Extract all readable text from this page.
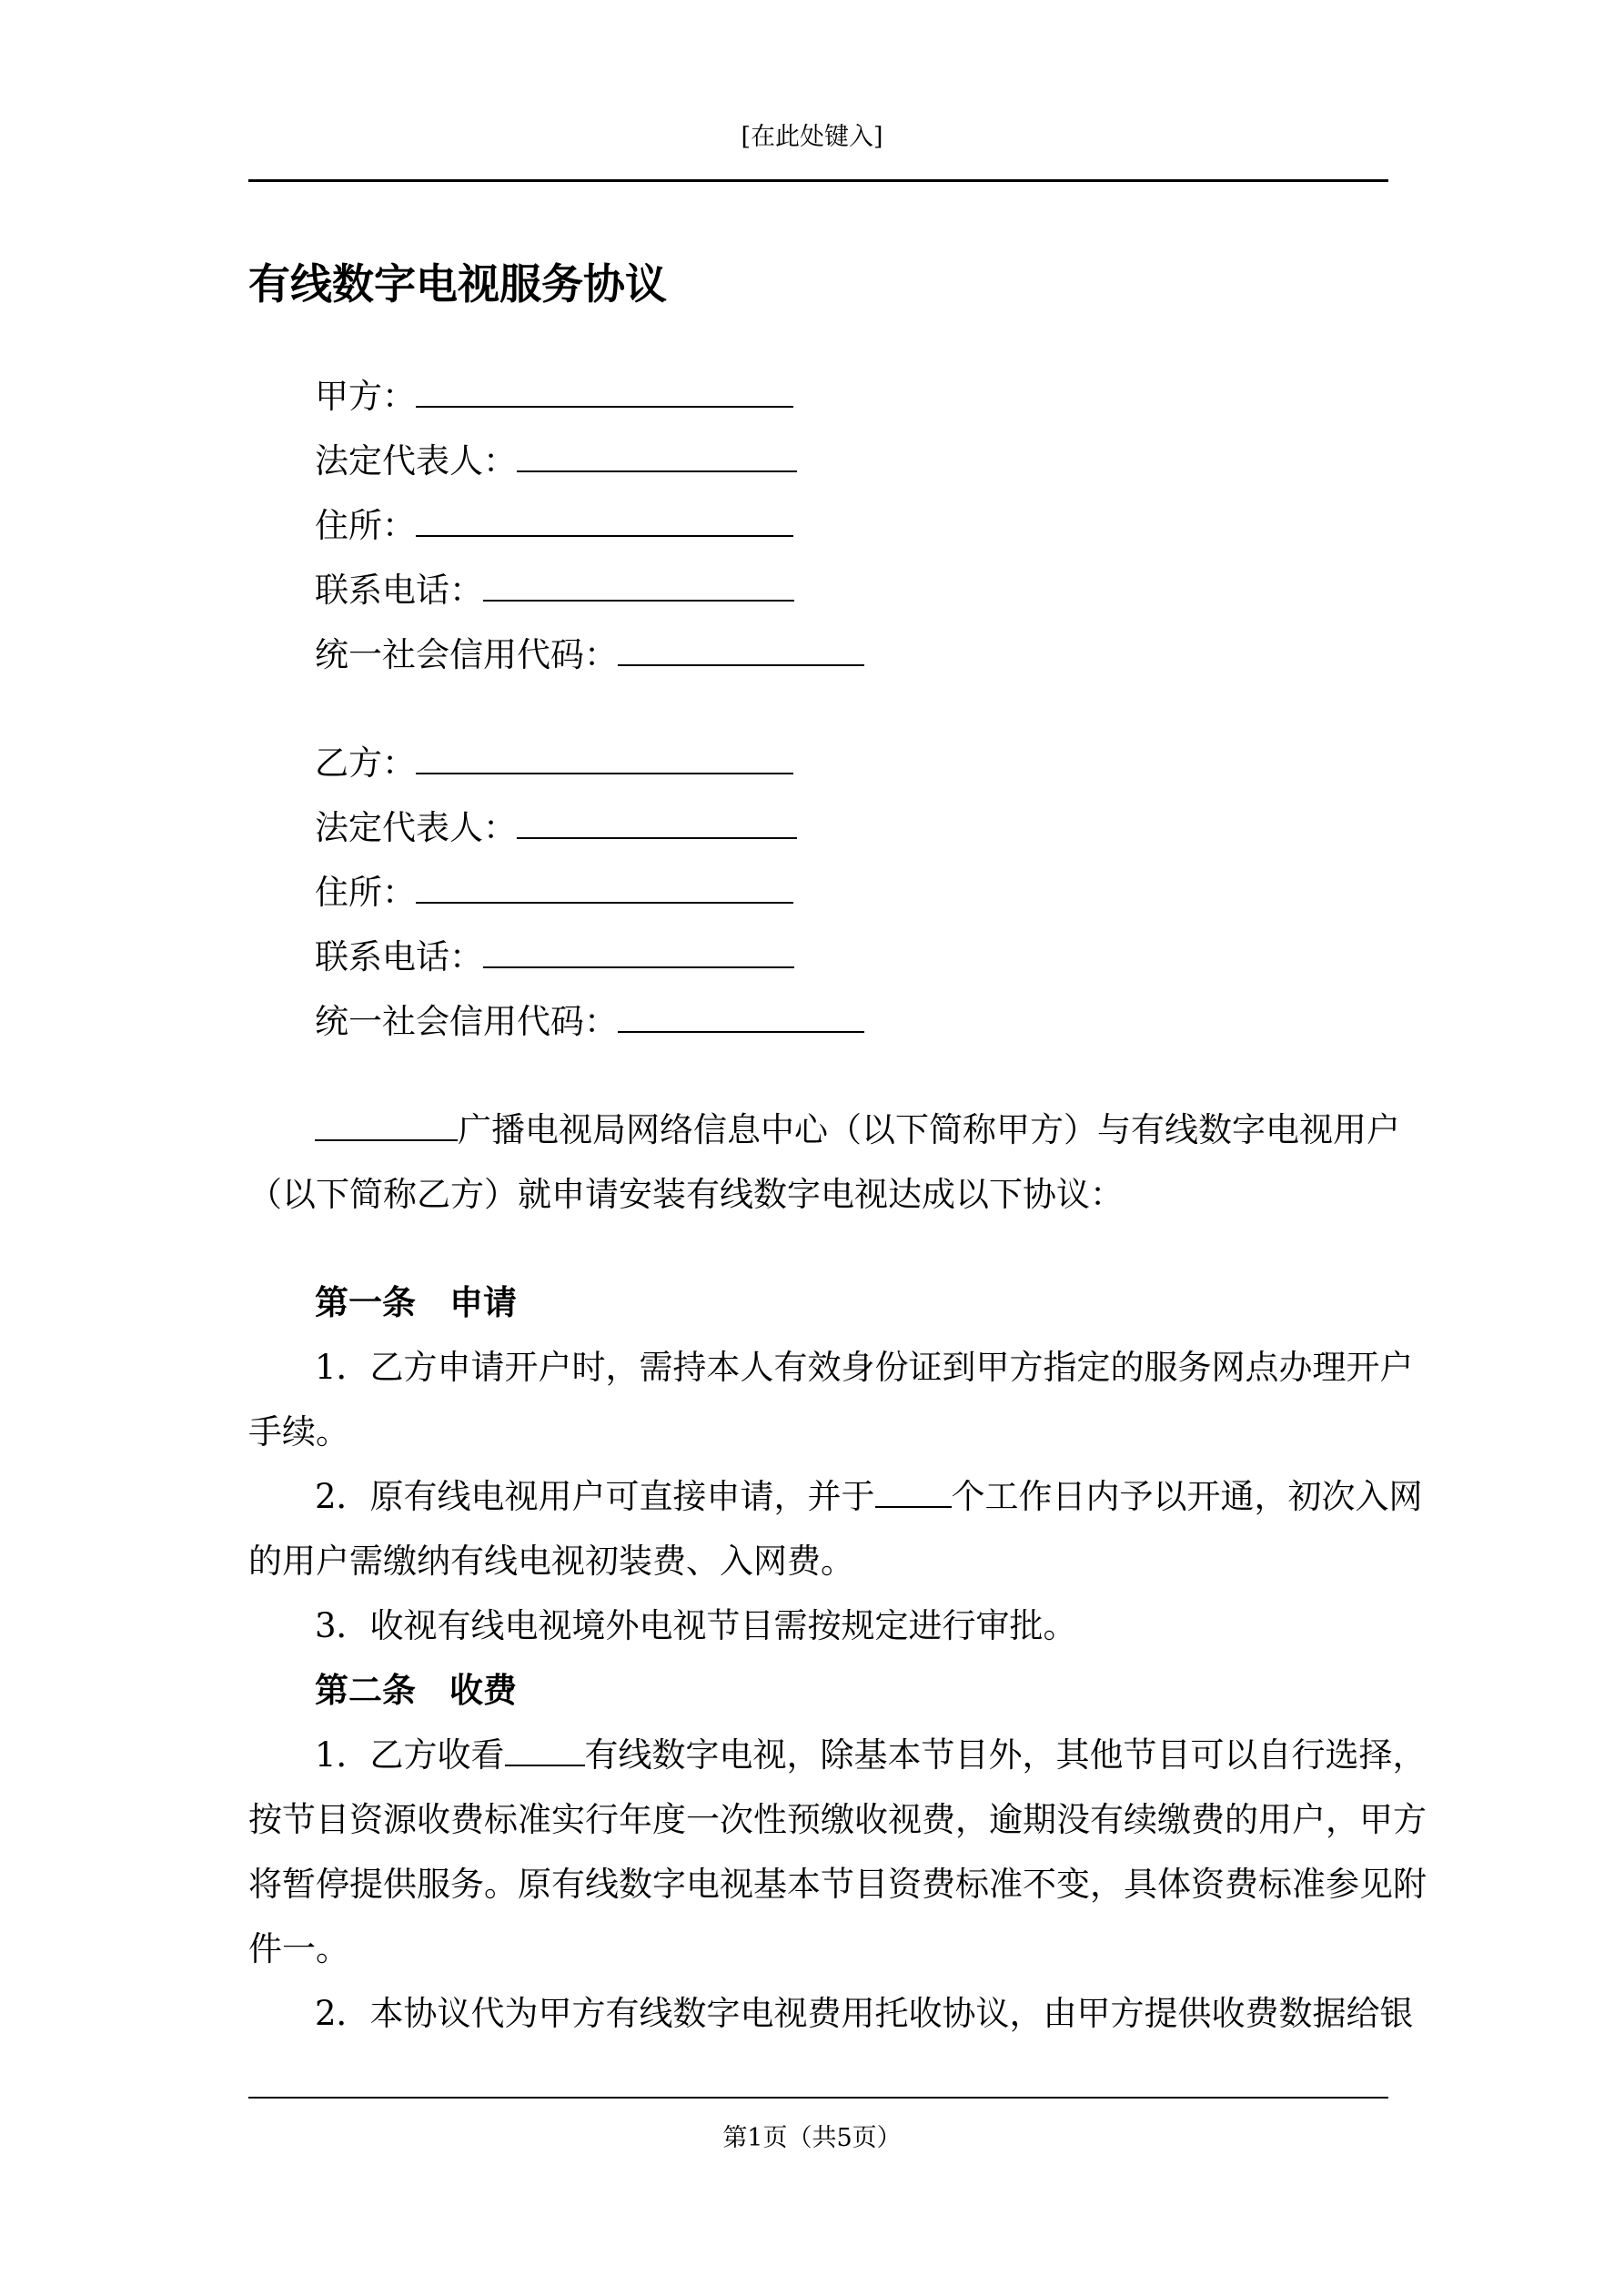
[在此处键入]
有线数字电视服务协议
甲方：
法定代表人：
住所：
联系电话：
统一社会信用代码：
乙方：
法定代表人：
住所：
联系电话：
统一社会信用代码：
广播电视局网络信息中心（以下简称甲方）与有线数字电视用户
（以下简称乙方）就申请安装有线数字电视达成以下协议：
第一条　申请
1．乙方申请开户时，需持本人有效身份证到甲方指定的服务网点办理开户
手续。
2．原有线电视用户可直接申请，并于 个工作日内予以开通，初次入网
的用户需缴纳有线电视初装费、入网费。
3．收视有线电视境外电视节目需按规定进行审批。
第二条　收费
1．乙方收看 有线数字电视，除基本节目外，其他节目可以自行选择，
按节目资源收费标准实行年度一次性预缴收视费，逾期没有续缴费的用户，甲方
将暂停提供服务。原有线数字电视基本节目资费标准不变，具体资费标准参见附
件一。
2．本协议代为甲方有线数字电视费用托收协议，由甲方提供收费数据给银
第1页（共5页）
